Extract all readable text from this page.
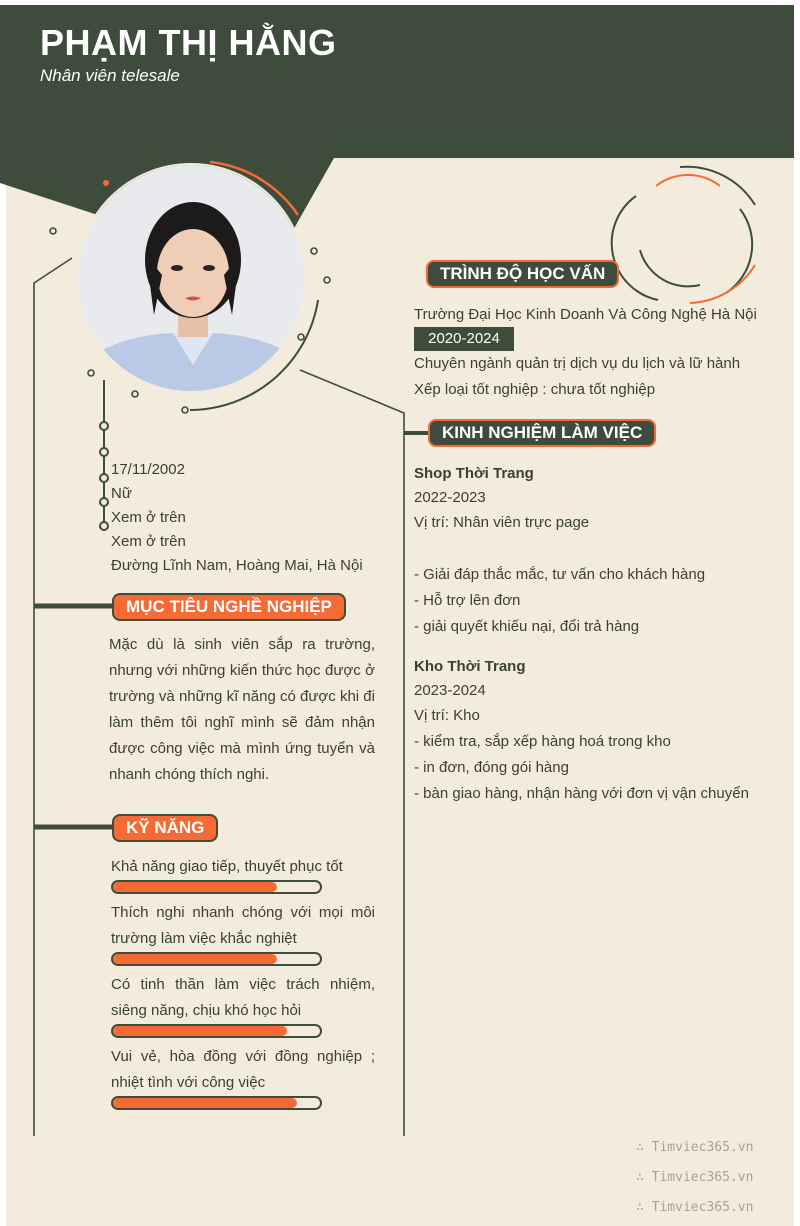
PHẠM THỊ HẰNG
Nhân viên telesale
17/11/2002
Nữ
Xem ở trên
Xem ở trên
Đường Lĩnh Nam, Hoàng Mai, Hà Nội
MỤC TIÊU NGHỀ NGHIỆP
Mặc dù là sinh viên sắp ra trường, nhưng với những kiến thức học được ở trường và những kĩ năng có được khi đi làm thêm tôi nghĩ mình sẽ đảm nhận được công việc mà mình ứng tuyển và nhanh chóng thích nghi.
KỸ NĂNG
Khả năng giao tiếp, thuyết phục tốt
Thích nghi nhanh chóng với mọi môi trường làm việc khắc nghiệt
Có tinh thần làm việc trách nhiệm, siêng năng, chịu khó học hỏi
Vui vẻ, hòa đồng với đồng nghiệp ; nhiệt tình với công việc
TRÌNH ĐỘ HỌC VẤN
Trường Đại Học Kinh Doanh Và Công Nghệ Hà Nội
2020-2024
Chuyên ngành quản trị dịch vụ du lịch và lữ hành
Xếp loại tốt nghiệp : chưa tốt nghiệp
KINH NGHIỆM LÀM VIỆC
Shop Thời Trang
2022-2023
Vị trí: Nhân viên trực page
- Giải đáp thắc mắc, tư vấn cho khách hàng
- Hỗ trợ lên đơn
- giải quyết khiếu nại, đổi trả hàng
Kho Thời Trang
2023-2024
Vị trí: Kho
- kiểm tra, sắp xếp hàng hoá trong kho
- in đơn, đóng gói hàng
- bàn giao hàng, nhận hàng với đơn vị vận chuyển
∴ Timviec365.vn
∴ Timviec365.vn
∴ Timviec365.vn
